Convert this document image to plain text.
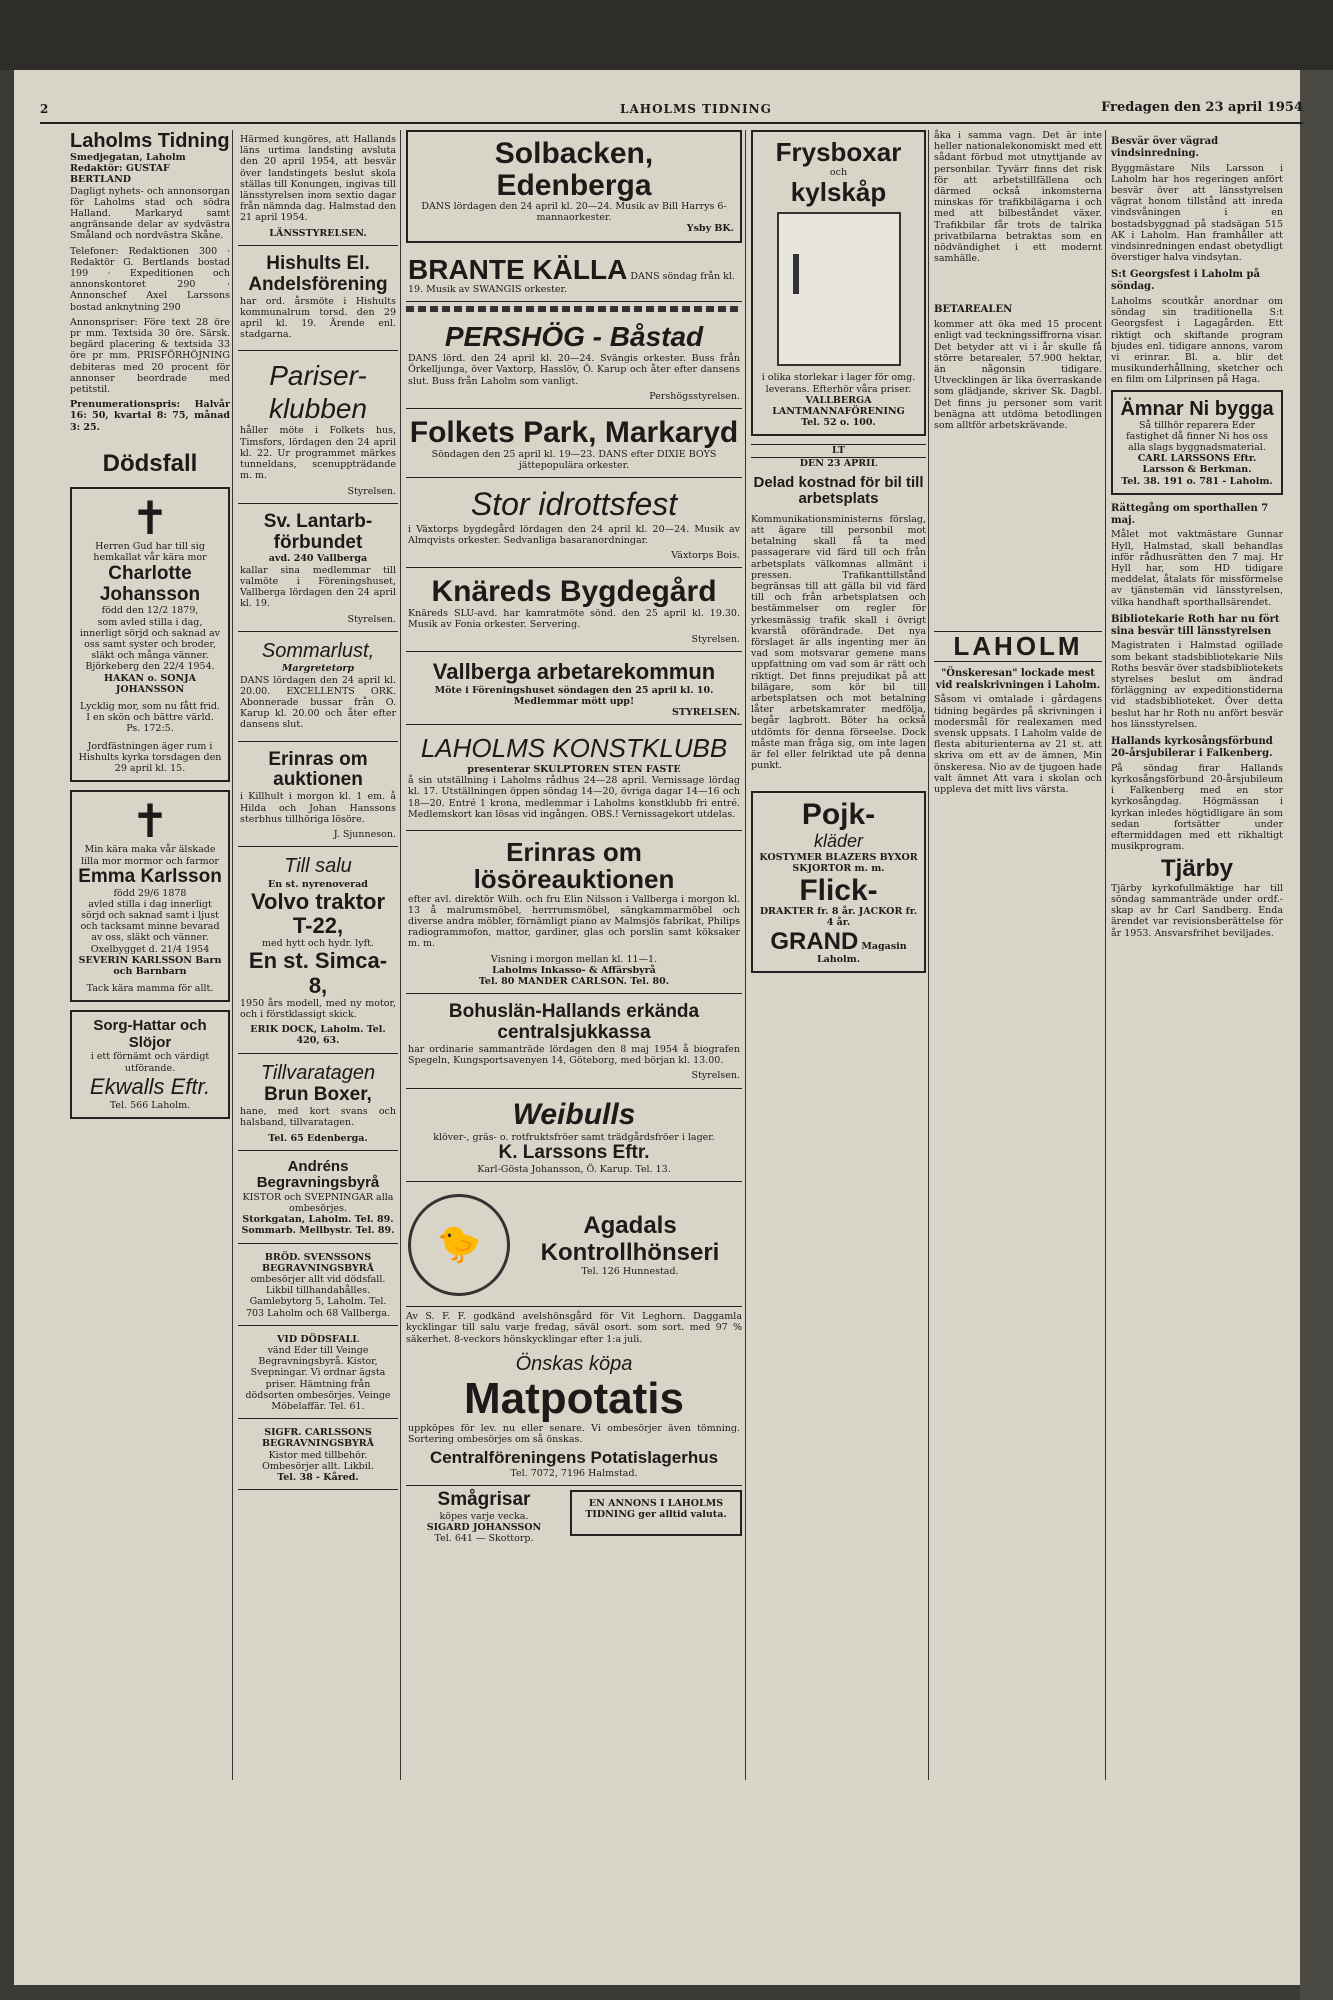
2	LAHOLMS TIDNING	Fredagen den 23 april 1954
Laholms Tidning
Smedjegatan, Laholm
Redaktör: GUSTAF BERTLAND

Dagligt nyhets- och annonsorgan för Laholms stad och södra Halland. Markaryd samt angränsande delar av sydvästra Småland och nordvästra Skåne.

Telefoner: Redaktionen 300 · Redaktör G. Bertlands bostad 199 · Expeditionen och annonskontoret 290 · Annonschef Axel Larssons bostad anknytning 290

Annonspriser: Före text 28 öre pr mm. Textsida 30 öre. Särsk. begärd placering & textsida 33 öre pr mm. PRISFÖRHÖJNING debiteras med 20 procent för annonser beordrade med petitstil.

Prenumerationspris: Halvår 16: 50, kvartal 8: 75, månad 3: 25.

Dödsfall
✝
Herren Gud har till sig hemkallat vår kära mor
Charlotte Johansson
född den 12/2 1879,
som avled stilla i dag, innerligt sörjd och saknad av oss samt syster och broder, släkt och många vänner.
Björkeberg den 22/4 1954.
HAKAN o. SONJA JOHANSSON
Lycklig mor, som nu fått frid. I en skön och bättre värld.
Ps. 172:5.
Jordfästningen äger rum i Hishults kyrka torsdagen den 29 april kl. 15.
✝
Min kära maka vår älskade lilla mor mormor och farmor
Emma Karlsson
född 29/6 1878
avled stilla i dag innerligt sörjd och saknad samt i ljust och tacksamt minne bevarad av oss, släkt och vänner.
Oxelbygget d. 21/4 1954
SEVERIN KARLSSON Barn och Barnbarn
Tack kära mamma för allt.
Sorg-Hattar och Slöjor
i ett förnämt och värdigt utförande.
Ekwalls Eftr.
Tel. 566 Laholm.

Härmed kungöres, att Hallands läns urtima landsting avsluta den 20 april 1954, att besvär över landstingets beslut skola ställas till Konungen, ingivas till länsstyrelsen inom sextio dagar från nämnda dag. Halmstad den 21 april 1954.

LÄNSSTYRELSEN.
Hishults El. Andelsförening

har ord. årsmöte i Hishults kommunalrum torsd. den 29 april kl. 19. Ärende enl. stadgarna.

Pariser-klubben

håller möte i Folkets hus, Timsfors, lördagen den 24 april kl. 22. Ur programmet märkes tunneldans, scenuppträdande m. m.

Styrelsen.
Sv. Lantarb-förbundet
avd. 240 Vallberga

kallar sina medlemmar till valmöte i Föreningshuset, Vallberga lördagen den 24 april kl. 19.

Styrelsen.
Sommarlust,
Margretetorp

DANS lördagen den 24 april kl. 20.00. EXCELLENTS ORK. Abonnerade bussar från O. Karup kl. 20.00 och åter efter dansens slut.

Erinras om auktionen

i Killhult i morgon kl. 1 em. å Hilda och Johan Hanssons sterbhus tillhöriga lösöre.

J. Sjunneson.
Till salu
En st. nyrenoverad
Volvo traktor T-22,
med hytt och hydr. lyft.
En st. Simca-8,

1950 års modell, med ny motor, och i förstklassigt skick.

ERIK DOCK, Laholm. Tel. 420, 63.
Tillvaratagen
Brun Boxer,

hane, med kort svans och halsband, tillvaratagen.

Tel. 65 Edenberga.
Andréns Begravningsbyrå
KISTOR och SVEPNINGAR alla ombesörjes.
Storkgatan, Laholm. Tel. 89. Sommarb. Mellbystr. Tel. 89.
BRÖD. SVENSSONS BEGRAVNINGSBYRÅ
ombesörjer allt vid dödsfall. Likbil tillhandahålles. Gamlebytorg 5, Laholm. Tel. 703 Laholm och 68 Vallberga.
VID DÖDSFALL
vänd Eder till Veinge Begravningsbyrå. Kistor, Svepningar. Vi ordnar ägsta priser. Hämtning från dödsorten ombesörjes. Veinge Möbelaffär. Tel. 61.
SIGFR. CARLSSONS BEGRAVNINGSBYRÅ
Kistor med tillbehör. Ombesörjer allt. Likbil.
Tel. 38 - Kåred.
Solbacken, Edenberga
DANS lördagen den 24 april kl. 20—24. Musik av Bill Harrys 6-mannaorkester.
Ysby BK.
BRANTE KÄLLA DANS söndag från kl. 19. Musik av SWANGIS orkester.
PERSHÖG - Båstad

DANS lörd. den 24 april kl. 20—24. Svängis orkester. Buss från Örkelljunga, över Vaxtorp, Hasslöv, Ö. Karup och åter efter dansens slut. Buss från Laholm som vanligt.

Pershögsstyrelsen.
Folkets Park, Markaryd
Söndagen den 25 april kl. 19—23. DANS efter DIXIE BOYS jättepopulära orkester.
Stor idrottsfest

i Växtorps bygdegård lördagen den 24 april kl. 20—24. Musik av Almqvists orkester. Sedvanliga basaranordningar.

Växtorps Bois.
Knäreds Bygdegård

Knäreds SLU-avd. har kamratmöte sönd. den 25 april kl. 19.30. Musik av Fonia orkester. Servering.

Styrelsen.
Vallberga arbetarekommun
Möte i Föreningshuset söndagen den 25 april kl. 10. Medlemmar mött upp!
STYRELSEN.
LAHOLMS KONSTKLUBB
presenterar SKULPTOREN STEN FASTE

å sin utställning i Laholms rådhus 24—28 april. Vernissage lördag kl. 17. Utställningen öppen söndag 14—20, övriga dagar 14—16 och 18—20. Entré 1 krona, medlemmar i Laholms konstklubb fri entré. Medlemskort kan lösas vid ingången. OBS.! Vernissagekort utdelas.

Erinras om lösöreauktionen

efter avl. direktör Wilh. och fru Elin Nilsson i Vallberga i morgon kl. 13 å malrumsmöbel, herrrumsmöbel, sängkammarmöbel och diverse andra möbler, förnämligt piano av Malmsjös fabrikat, Philips radiogrammofon, mattor, gardiner, glas och porslin samt köksaker m. m.

Visning i morgon mellan kl. 11—1.
Laholms Inkasso- & Affärsbyrå
Tel. 80 MANDER CARLSON. Tel. 80.
Bohuslän-Hallands erkända centralsjukkassa

har ordinarie sammanträde lördagen den 8 maj 1954 å biografen Spegeln, Kungsportsavenyen 14, Göteborg, med början kl. 13.00.

Styrelsen.
Weibulls
klöver-, gräs- o. rotfruktsfröer samt trädgårdsfröer i lager.
K. Larssons Eftr.
Karl-Gösta Johansson, Ö. Karup. Tel. 13.
🐤	Agadals Kontrollhönseri
Tel. 126 Hunnestad.

Av S. F. F. godkänd avelshönsgård för Vit Leghorn. Daggamla kycklingar till salu varje fredag, säväl osort. som sort. med 97 % säkerhet. 8-veckors hönskycklingar efter 1:a juli.

Önskas köpa
Matpotatis

uppköpes för lev. nu eller senare. Vi ombesörjer även tömning. Sortering ombesörjes om så önskas.

Centralföreningens Potatislagerhus
Tel. 7072, 7196 Halmstad.
Smågrisar
köpes varje vecka.
SIGARD JOHANSSON
Tel. 641 — Skottorp.
EN ANNONS I LAHOLMS TIDNING ger alltid valuta.
Frysboxar
och
kylskåp
i olika storlekar i lager för omg. leverans. Efterhör våra priser.
VALLBERGA LANTMANNAFÖRENING
Tel. 52 o. 100.
LT
DEN 23 APRIL
Delad kostnad för bil till arbetsplats

Kommunikationsministerns förslag, att ägare till personbil mot betalning skall få ta med passagerare vid färd till och från arbetsplats välkomnas allmänt i pressen. Trafikanttillstånd begränsas till att gälla bil vid färd till och från arbetsplatsen och bestämmelser om regler för yrkesmässig trafik skall i övrigt kvarstå oförändrade. Det nya förslaget är alls ingenting mer än vad som motsvarar gemene mans uppfattning om vad som är rätt och riktigt. Det finns prejudikat på att bilägare, som kör bil till arbetsplatsen och mot betalning låter arbetskamrater medfölja, begår lagbrott. Böter ha också utdömts för denna förseelse. Dock måste man fråga sig, om inte lagen är fel eller felriktad ute på denna punkt.

Pojk-
kläder
KOSTYMER BLAZERS BYXOR SKJORTOR m. m.
Flick-
DRAKTER fr. 8 år. JACKOR fr. 4 år.
GRAND Magasin Laholm.

åka i samma vagn. Det är inte heller nationalekonomiskt med ett sådant förbud mot utnyttjande av personbilar. Tyvärr finns det risk för att arbetstillfällena och därmed också inkomsterna minskas för trafikbilägarna i och med att bilbeståndet växer. Trafikbilar får trots de talrika privatbilarna betraktas som en nödvändighet i ett modernt samhälle.

BETAREALEN

kommer att öka med 15 procent enligt vad teckningssiffrorna visar. Det betyder att vi i år skulle få större betarealer, 57.900 hektar, än någonsin tidigare. Utvecklingen är lika överraskande som glädjande, skriver Sk. Dagbl. Det finns ju personer som varit benägna att utdöma betodlingen som alltför arbetskrävande.

LAHOLM
"Önskeresan" lockade mest vid realskrivningen i Laholm.

Såsom vi omtalade i gårdagens tidning begärdes på skrivningen i modersmål för realexamen med svensk uppsats. I Laholm valde de flesta abiturienterna av 21 st. att skriva om ett av de ämnen, Min önskeresa. Nio av de tjugoen hade valt ämnet Att vara i skolan och uppleva det mitt livs värsta.

Besvär över vägrad vindsinredning.

Byggmästare Nils Larsson i Laholm har hos regeringen anfört besvär över att länsstyrelsen vägrat honom tillstånd att inreda vindsvåningen i en bostadsbyggnad på stadsägan 515 AK i Laholm. Han framhåller att vindsinredningen endast obetydligt överstiger halva vindsytan.

S:t Georgsfest i Laholm på söndag.

Laholms scoutkår anordnar om söndag sin traditionella S:t Georgsfest i Lagagården. Ett riktigt och skiftande program bjudes enl. tidigare annons, varom vi erinrar. Bl. a. blir det musikunderhållning, sketcher och en film om Lilprinsen på Haga.

Ämnar Ni bygga
Så tillhör reparera Eder fastighet då finner Ni hos oss alla slags byggnadsmaterial.
CARL LARSSONS Eftr. Larsson & Berkman.
Tel. 38. 191 o. 781 - Laholm.
Rättegång om sporthallen 7 maj.

Målet mot vaktmästare Gunnar Hyll, Halmstad, skall behandlas inför rådhusrätten den 7 maj. Hr Hyll har, som HD tidigare meddelat, åtalats för missförmelse av tjänstemän vid länsstyrelsen, vilka handhaft sporthallsärendet.

Bibliotekarie Roth har nu fört sina besvär till länsstyrelsen

Magistraten i Halmstad ogillade som bekant stadsbibliotekarie Nils Roths besvär över stadsbibliotekets styrelses beslut om ändrad förläggning av expeditionstiderna vid stadsbiblioteket. Över detta beslut har hr Roth nu anfört besvär hos länsstyrelsen.

Hallands kyrkosångsförbund 20-årsjubilerar i Falkenberg.

På söndag firar Hallands kyrkosångsförbund 20-årsjubileum i Falkenberg med en stor kyrkosångdag. Högmässan i kyrkan inledes högtidligare än som sedan fortsätter under eftermiddagen med ett rikhaltigt musikprogram.

Tjärby

Tjärby kyrkofullmäktige har till söndag sammanträde under ordf.-skap av hr Carl Sandberg. Enda ärendet var revisionsberättelse för år 1953. Ansvarsfrihet beviljades.
